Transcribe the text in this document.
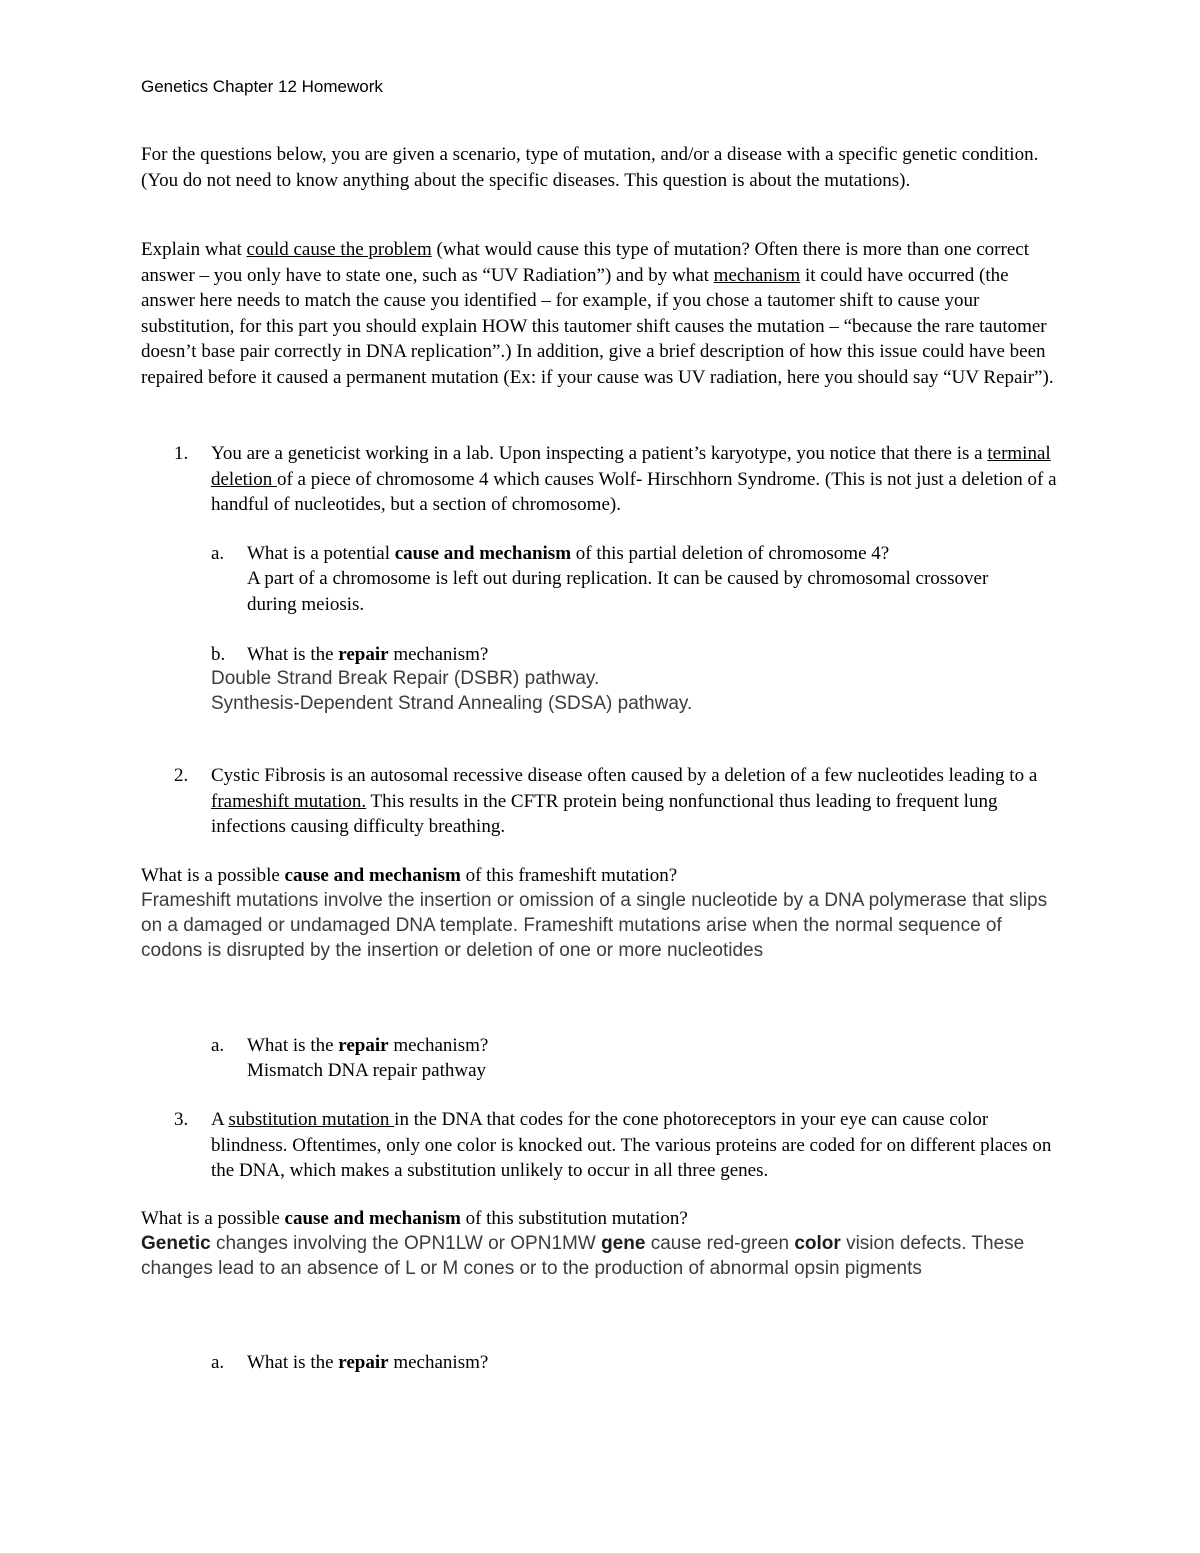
Genetics Chapter 12 Homework

For the questions below, you are given a scenario, type of mutation, and/or a disease with a specific genetic condition. (You do not need to know anything about the specific diseases. This question is about the mutations).

Explain what could cause the problem (what would cause this type of mutation? Often there is more than one correct answer – you only have to state one, such as “UV Radiation”) and by what mechanism it could have occurred (the answer here needs to match the cause you identified – for example, if you chose a tautomer shift to cause your substitution, for this part you should explain HOW this tautomer shift causes the mutation – “because the rare tautomer doesn’t base pair correctly in DNA replication”.) In addition, give a brief description of how this issue could have been repaired before it caused a permanent mutation (Ex: if your cause was UV radiation, here you should say “UV Repair”).

1. You are a geneticist working in a lab. Upon inspecting a patient’s karyotype, you notice that there is a terminal deletion of a piece of chromosome 4 which causes Wolf- Hirschhorn Syndrome. (This is not just a deletion of a handful of nucleotides, but a section of chromosome).

a. What is a potential cause and mechanism of this partial deletion of chromosome 4?

A part of a chromosome is left out during replication. It can be caused by chromosomal crossover during meiosis.

b. What is the repair mechanism?

Double Strand Break Repair (DSBR) pathway.
Synthesis-Dependent Strand Annealing (SDSA) pathway.
2. Cystic Fibrosis is an autosomal recessive disease often caused by a deletion of a few nucleotides leading to a frameshift mutation. This results in the CFTR protein being nonfunctional thus leading to frequent lung infections causing difficulty breathing.

What is a possible cause and mechanism of this frameshift mutation?

Frameshift mutations involve the insertion or omission of a single nucleotide by a DNA polymerase that slips on a damaged or undamaged DNA template. Frameshift mutations arise when the normal sequence of codons is disrupted by the insertion or deletion of one or more nucleotides

a. What is the repair mechanism?

Mismatch DNA repair pathway

3. A substitution mutation in the DNA that codes for the cone photoreceptors in your eye can cause color blindness. Oftentimes, only one color is knocked out. The various proteins are coded for on different places on the DNA, which makes a substitution unlikely to occur in all three genes.

What is a possible cause and mechanism of this substitution mutation?

Genetic changes involving the OPN1LW or OPN1MW gene cause red-green color vision defects. These changes lead to an absence of L or M cones or to the production of abnormal opsin pigments

a. What is the repair mechanism?
